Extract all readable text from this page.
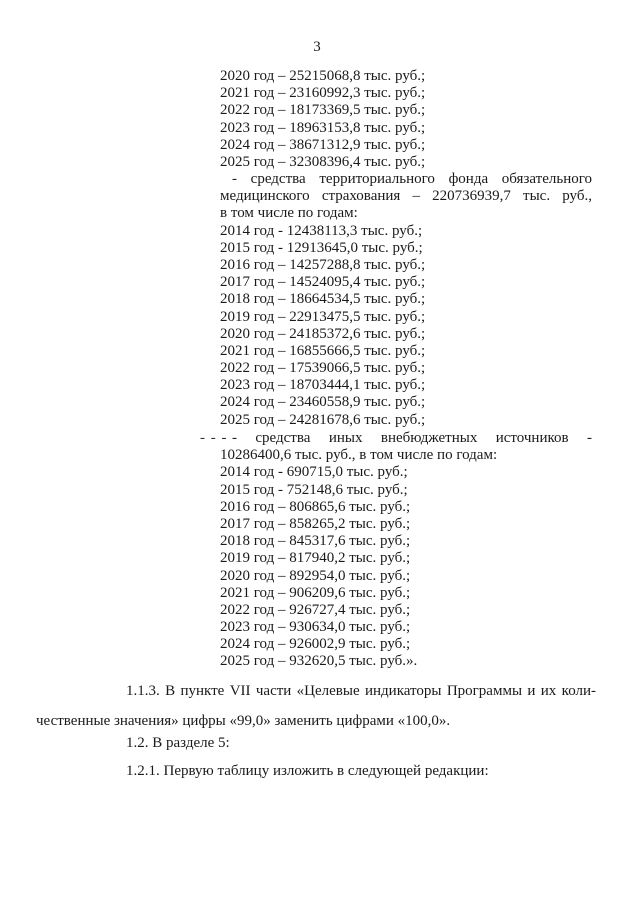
3
2020 год – 25215068,8 тыс. руб.;
2021 год – 23160992,3 тыс. руб.;
2022 год – 18173369,5 тыс. руб.;
2023 год – 18963153,8 тыс. руб.;
2024 год – 38671312,9 тыс. руб.;
2025 год – 32308396,4 тыс. руб.;
- средства территориального фонда обязательного
медицинского страхования – 220736939,7 тыс. руб.,
в том числе по годам:
2014 год - 12438113,3 тыс. руб.;
2015 год - 12913645,0 тыс. руб.;
2016 год – 14257288,8 тыс. руб.;
2017 год – 14524095,4 тыс. руб.;
2018 год – 18664534,5 тыс. руб.;
2019 год – 22913475,5 тыс. руб.;
2020 год – 24185372,6 тыс. руб.;
2021 год – 16855666,5 тыс. руб.;
2022 год – 17539066,5 тыс. руб.;
2023 год – 18703444,1 тыс. руб.;
2024 год – 23460558,9 тыс. руб.;
2025 год – 24281678,6 тыс. руб.;
- - - - средства иных внебюджетных источников -
10286400,6 тыс. руб., в том числе по годам:
2014 год - 690715,0 тыс. руб.;
2015 год - 752148,6 тыс. руб.;
2016 год – 806865,6 тыс. руб.;
2017 год – 858265,2 тыс. руб.;
2018 год – 845317,6 тыс. руб.;
2019 год – 817940,2 тыс. руб.;
2020 год – 892954,0 тыс. руб.;
2021 год – 906209,6 тыс. руб.;
2022 год – 926727,4 тыс. руб.;
2023 год – 930634,0 тыс. руб.;
2024 год – 926002,9 тыс. руб.;
2025 год – 932620,5 тыс. руб.».
1.1.3. В пункте VII части «Целевые индикаторы Программы и их коли-
чественные значения» цифры «99,0» заменить цифрами «100,0».
1.2. В разделе 5:
1.2.1. Первую таблицу изложить в следующей редакции:
